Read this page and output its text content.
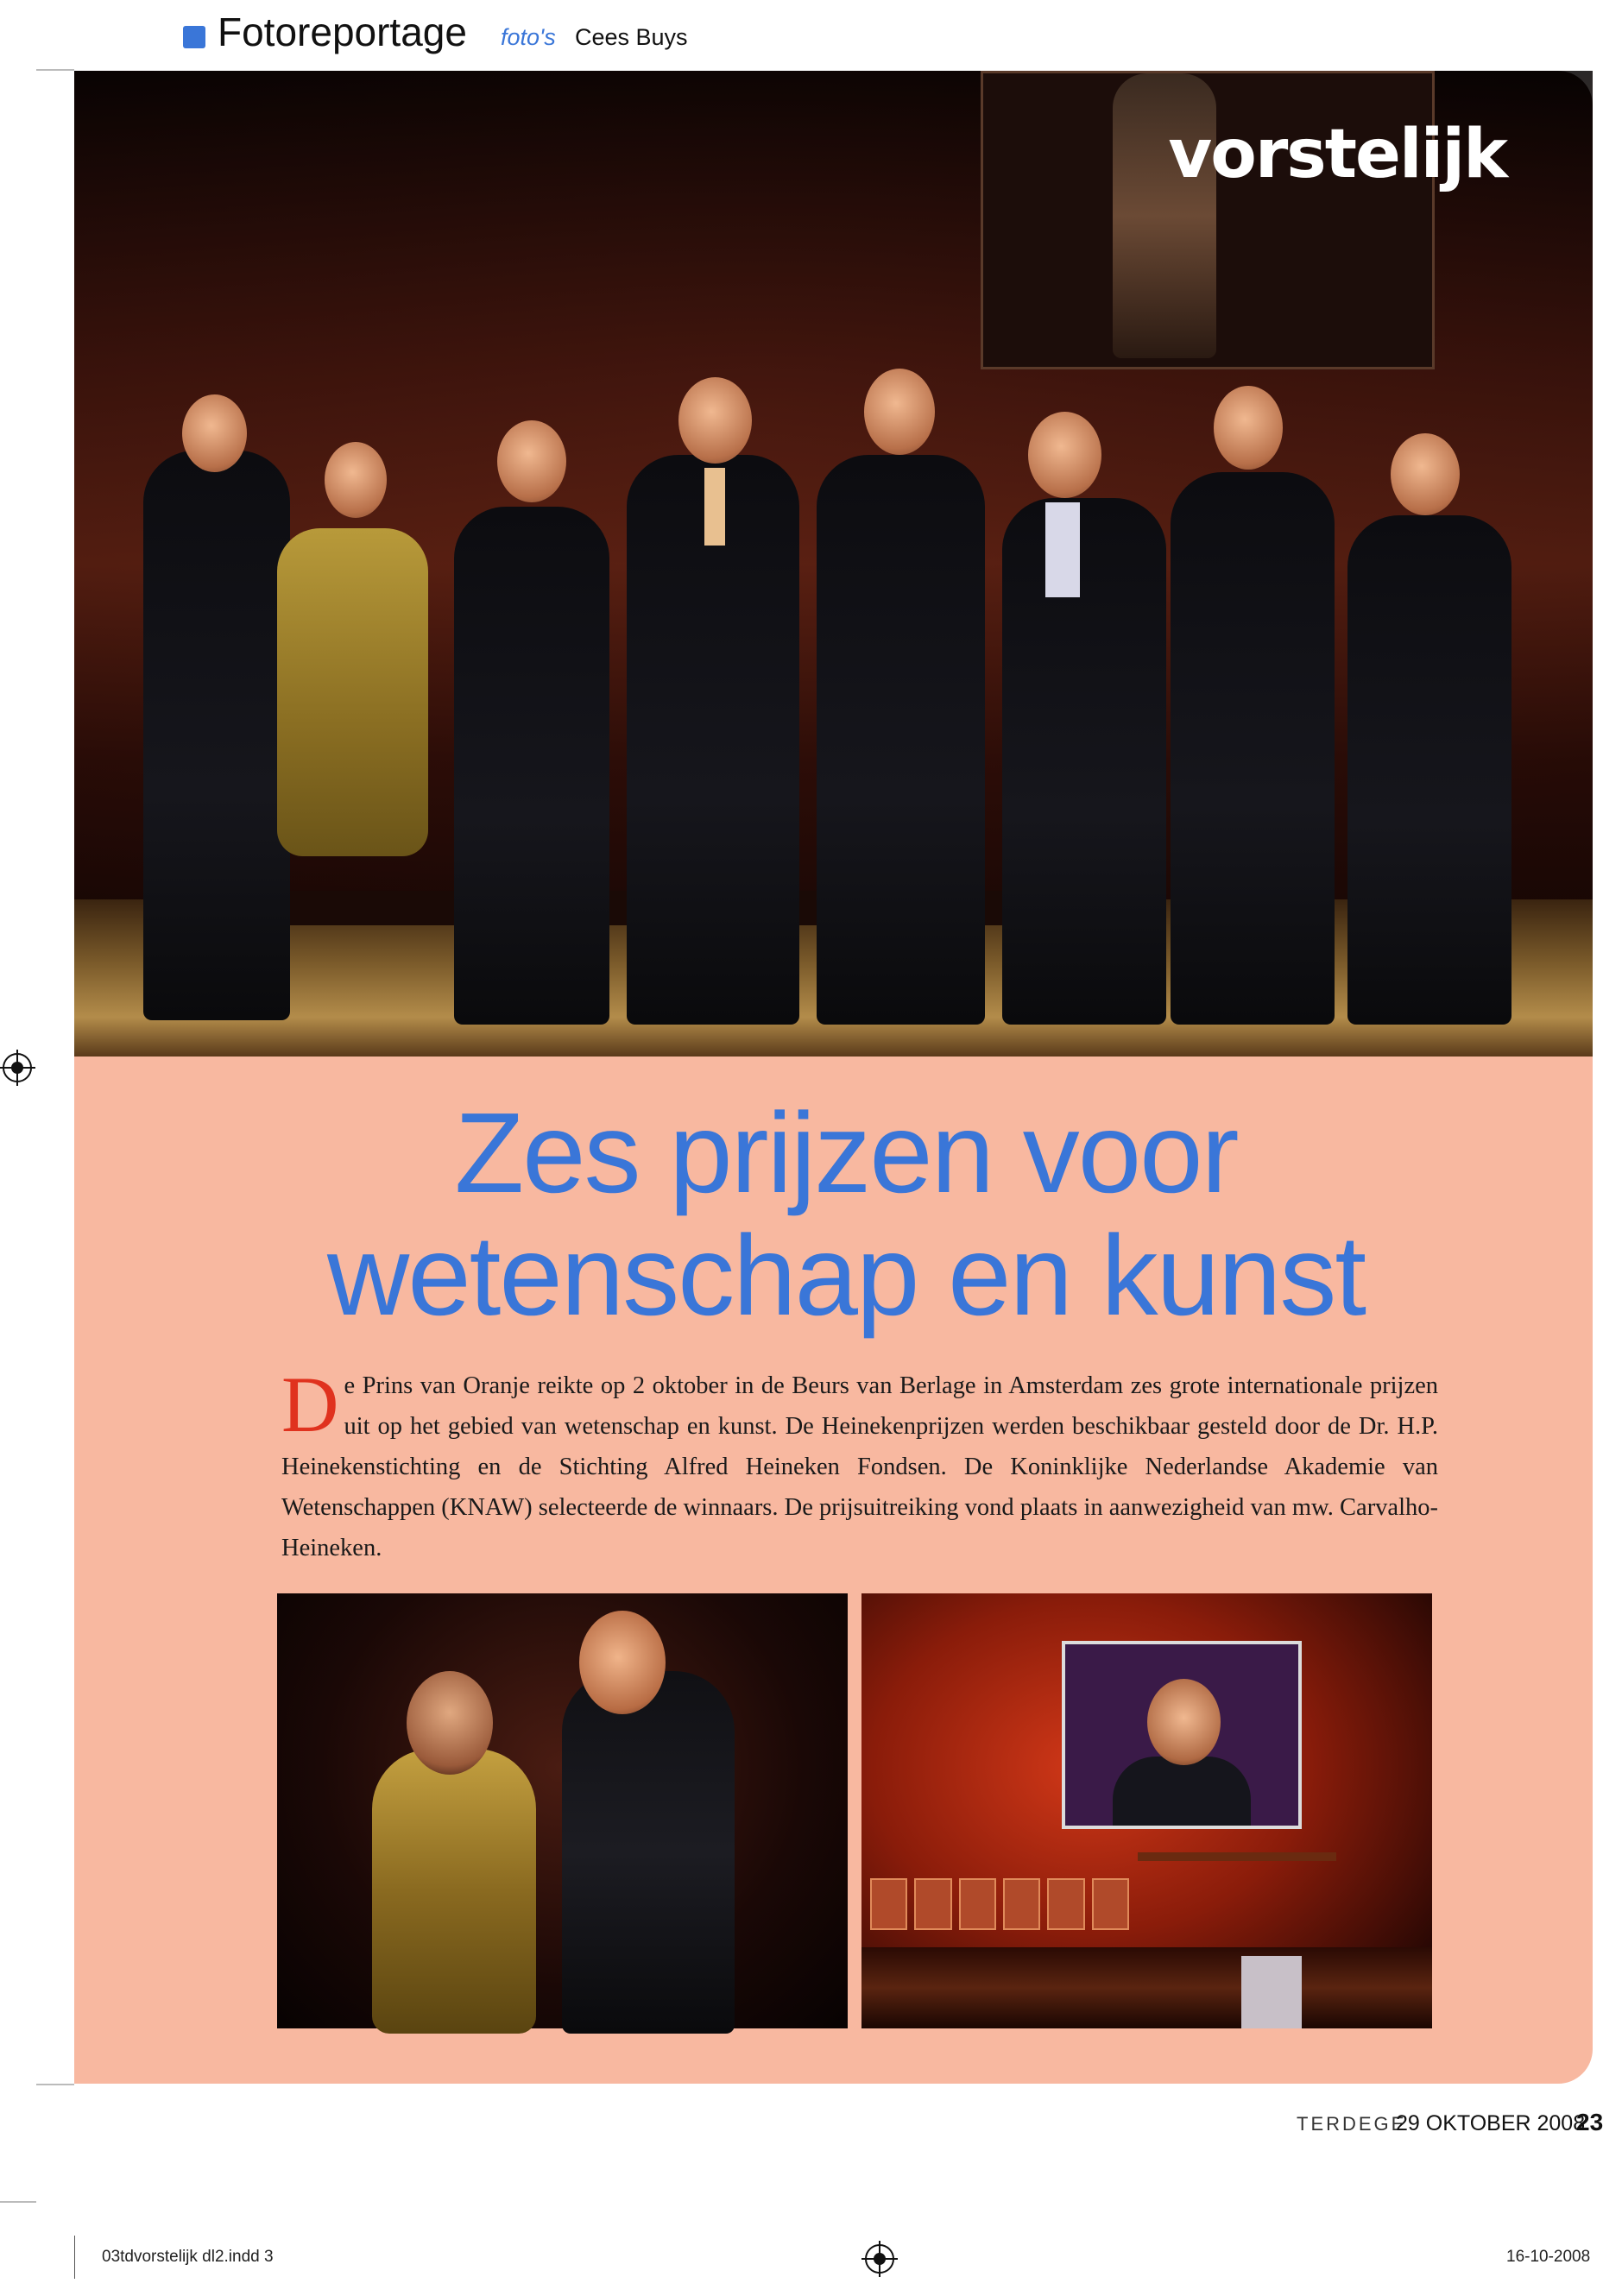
Fotoreportage foto's Cees Buys
vorstelijk
Zes prijzen voor
wetenschap en kunst
De Prins van Oranje reikte op 2 oktober in de Beurs van Berlage in Amsterdam zes grote internationale prijzen uit op het gebied van wetenschap en kunst. De Heinekenprijzen werden beschikbaar gesteld door de Dr. H.P. Heinekenstichting en de Stichting Alfred Heineken Fondsen. De Koninklijke Nederlandse Akademie van Wetenschappen (KNAW) selecteerde de winnaars. De prijsuitreiking vond plaats in aanwezigheid van mw. Carvalho-Heineken.
TERDEGE
29 OKTOBER 2008
23
03tdvorstelijk dl2.indd 3	16-10-2008
